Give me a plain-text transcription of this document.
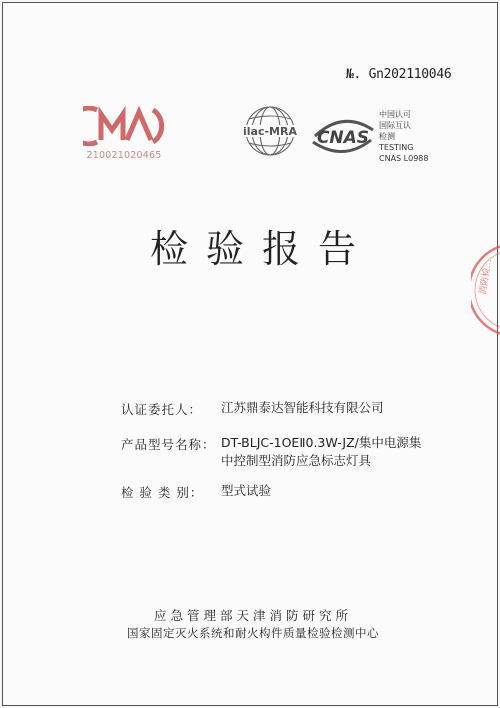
№. Gn202110046
210021020465
ilac-MRA CNAS
中国认可
国际互认
检测
TESTING
CNAS L0988
检验报告
认证委托人： 江苏鼎泰达智能科技有限公司
产品型号名称： DT-BLJC-1OEⅡ0.3W-JZ/集中电源集
中控制型消防应急标志灯具
检 验 类 别： 型式试验
应急管理部天津消防研究所
国家固定灭火系统和耐火构件质量检验检测中心
消防检…
